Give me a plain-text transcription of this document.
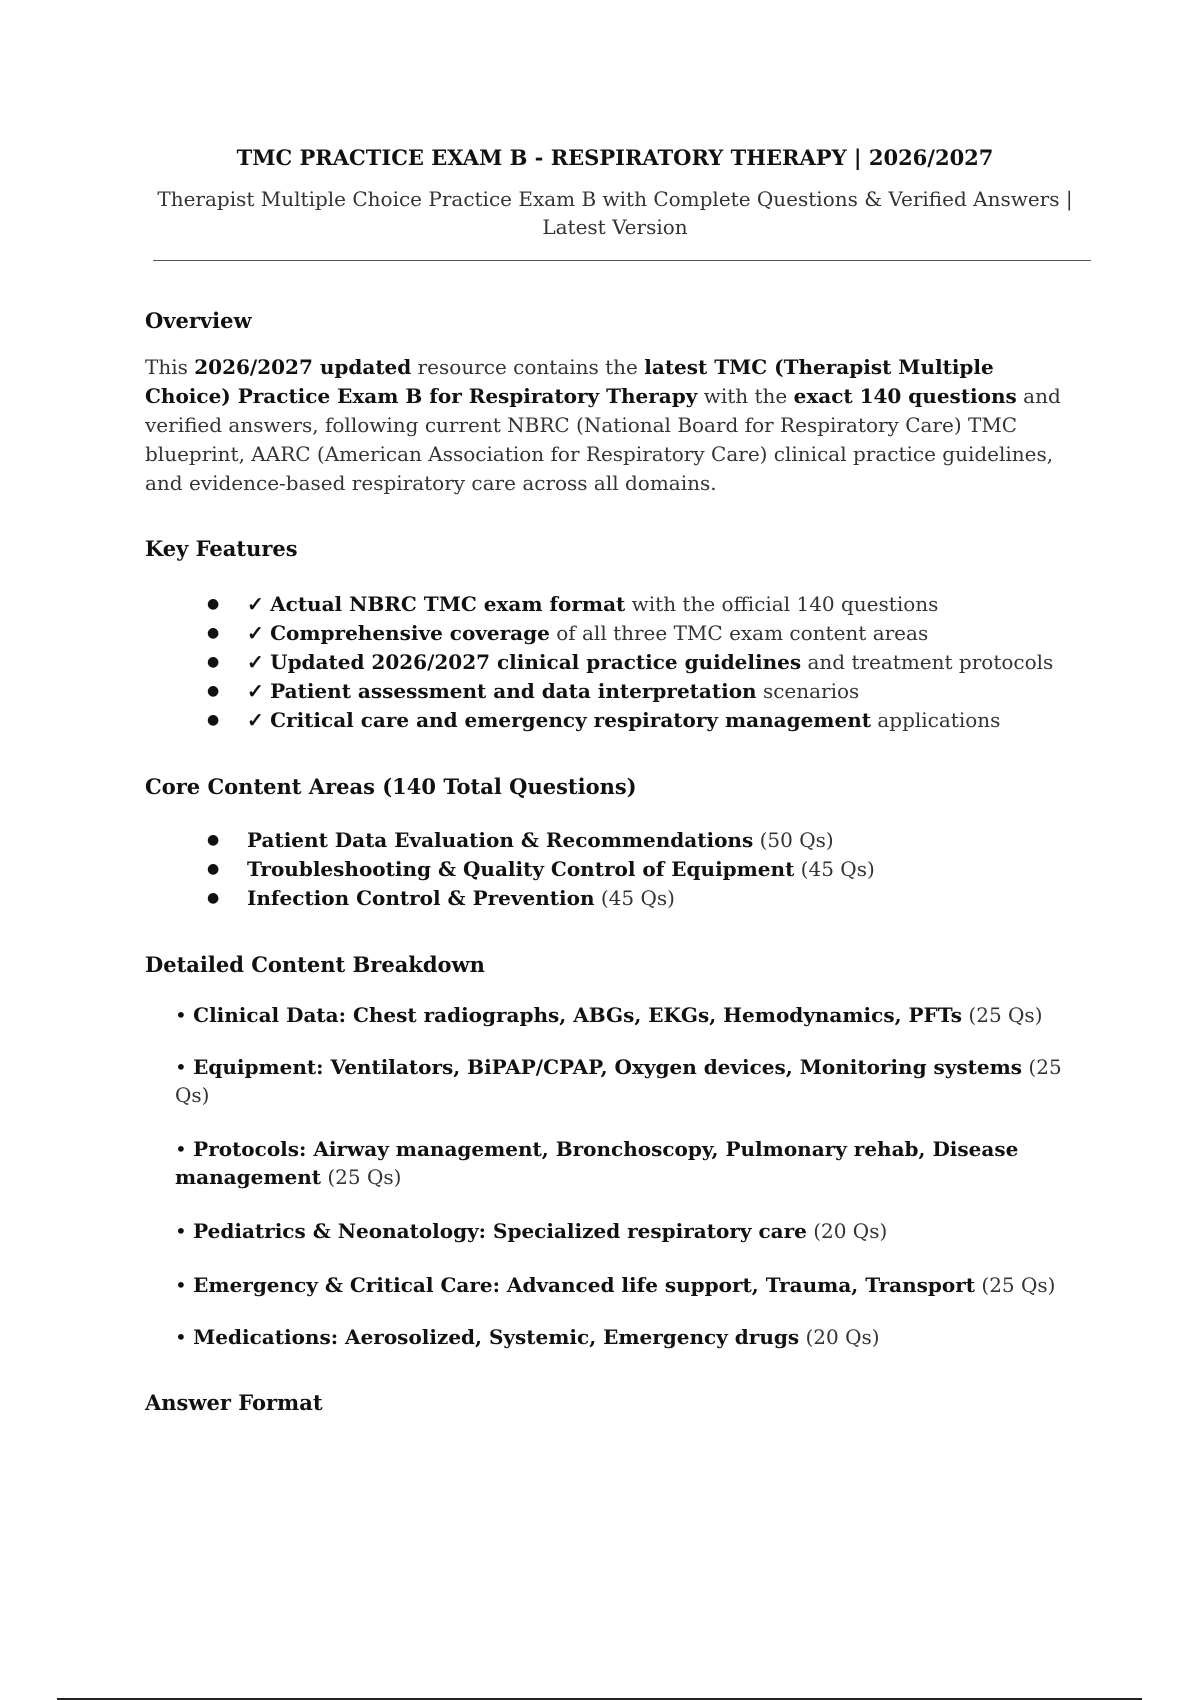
TMC PRACTICE EXAM B - RESPIRATORY THERAPY | 2026/2027
Therapist Multiple Choice Practice Exam B with Complete Questions & Verified Answers |
Latest Version
Overview

This 2026/2027 updated resource contains the latest TMC (Therapist Multiple Choice) Practice Exam B for Respiratory Therapy with the exact 140 questions and verified answers, following current NBRC (National Board for Respiratory Care) TMC blueprint, AARC (American Association for Respiratory Care) clinical practice guidelines, and evidence-based respiratory care across all domains.

Key Features
● ✓ Actual NBRC TMC exam format with the official 140 questions
● ✓ Comprehensive coverage of all three TMC exam content areas
● ✓ Updated 2026/2027 clinical practice guidelines and treatment protocols
● ✓ Patient assessment and data interpretation scenarios
● ✓ Critical care and emergency respiratory management applications
Core Content Areas (140 Total Questions)
● Patient Data Evaluation & Recommendations (50 Qs)
● Troubleshooting & Quality Control of Equipment (45 Qs)
● Infection Control & Prevention (45 Qs)
Detailed Content Breakdown

• Clinical Data: Chest radiographs, ABGs, EKGs, Hemodynamics, PFTs (25 Qs)

• Equipment: Ventilators, BiPAP/CPAP, Oxygen devices, Monitoring systems (25 Qs)

• Protocols: Airway management, Bronchoscopy, Pulmonary rehab, Disease management (25 Qs)

• Pediatrics & Neonatology: Specialized respiratory care (20 Qs)

• Emergency & Critical Care: Advanced life support, Trauma, Transport (25 Qs)

• Medications: Aerosolized, Systemic, Emergency drugs (20 Qs)

Answer Format
